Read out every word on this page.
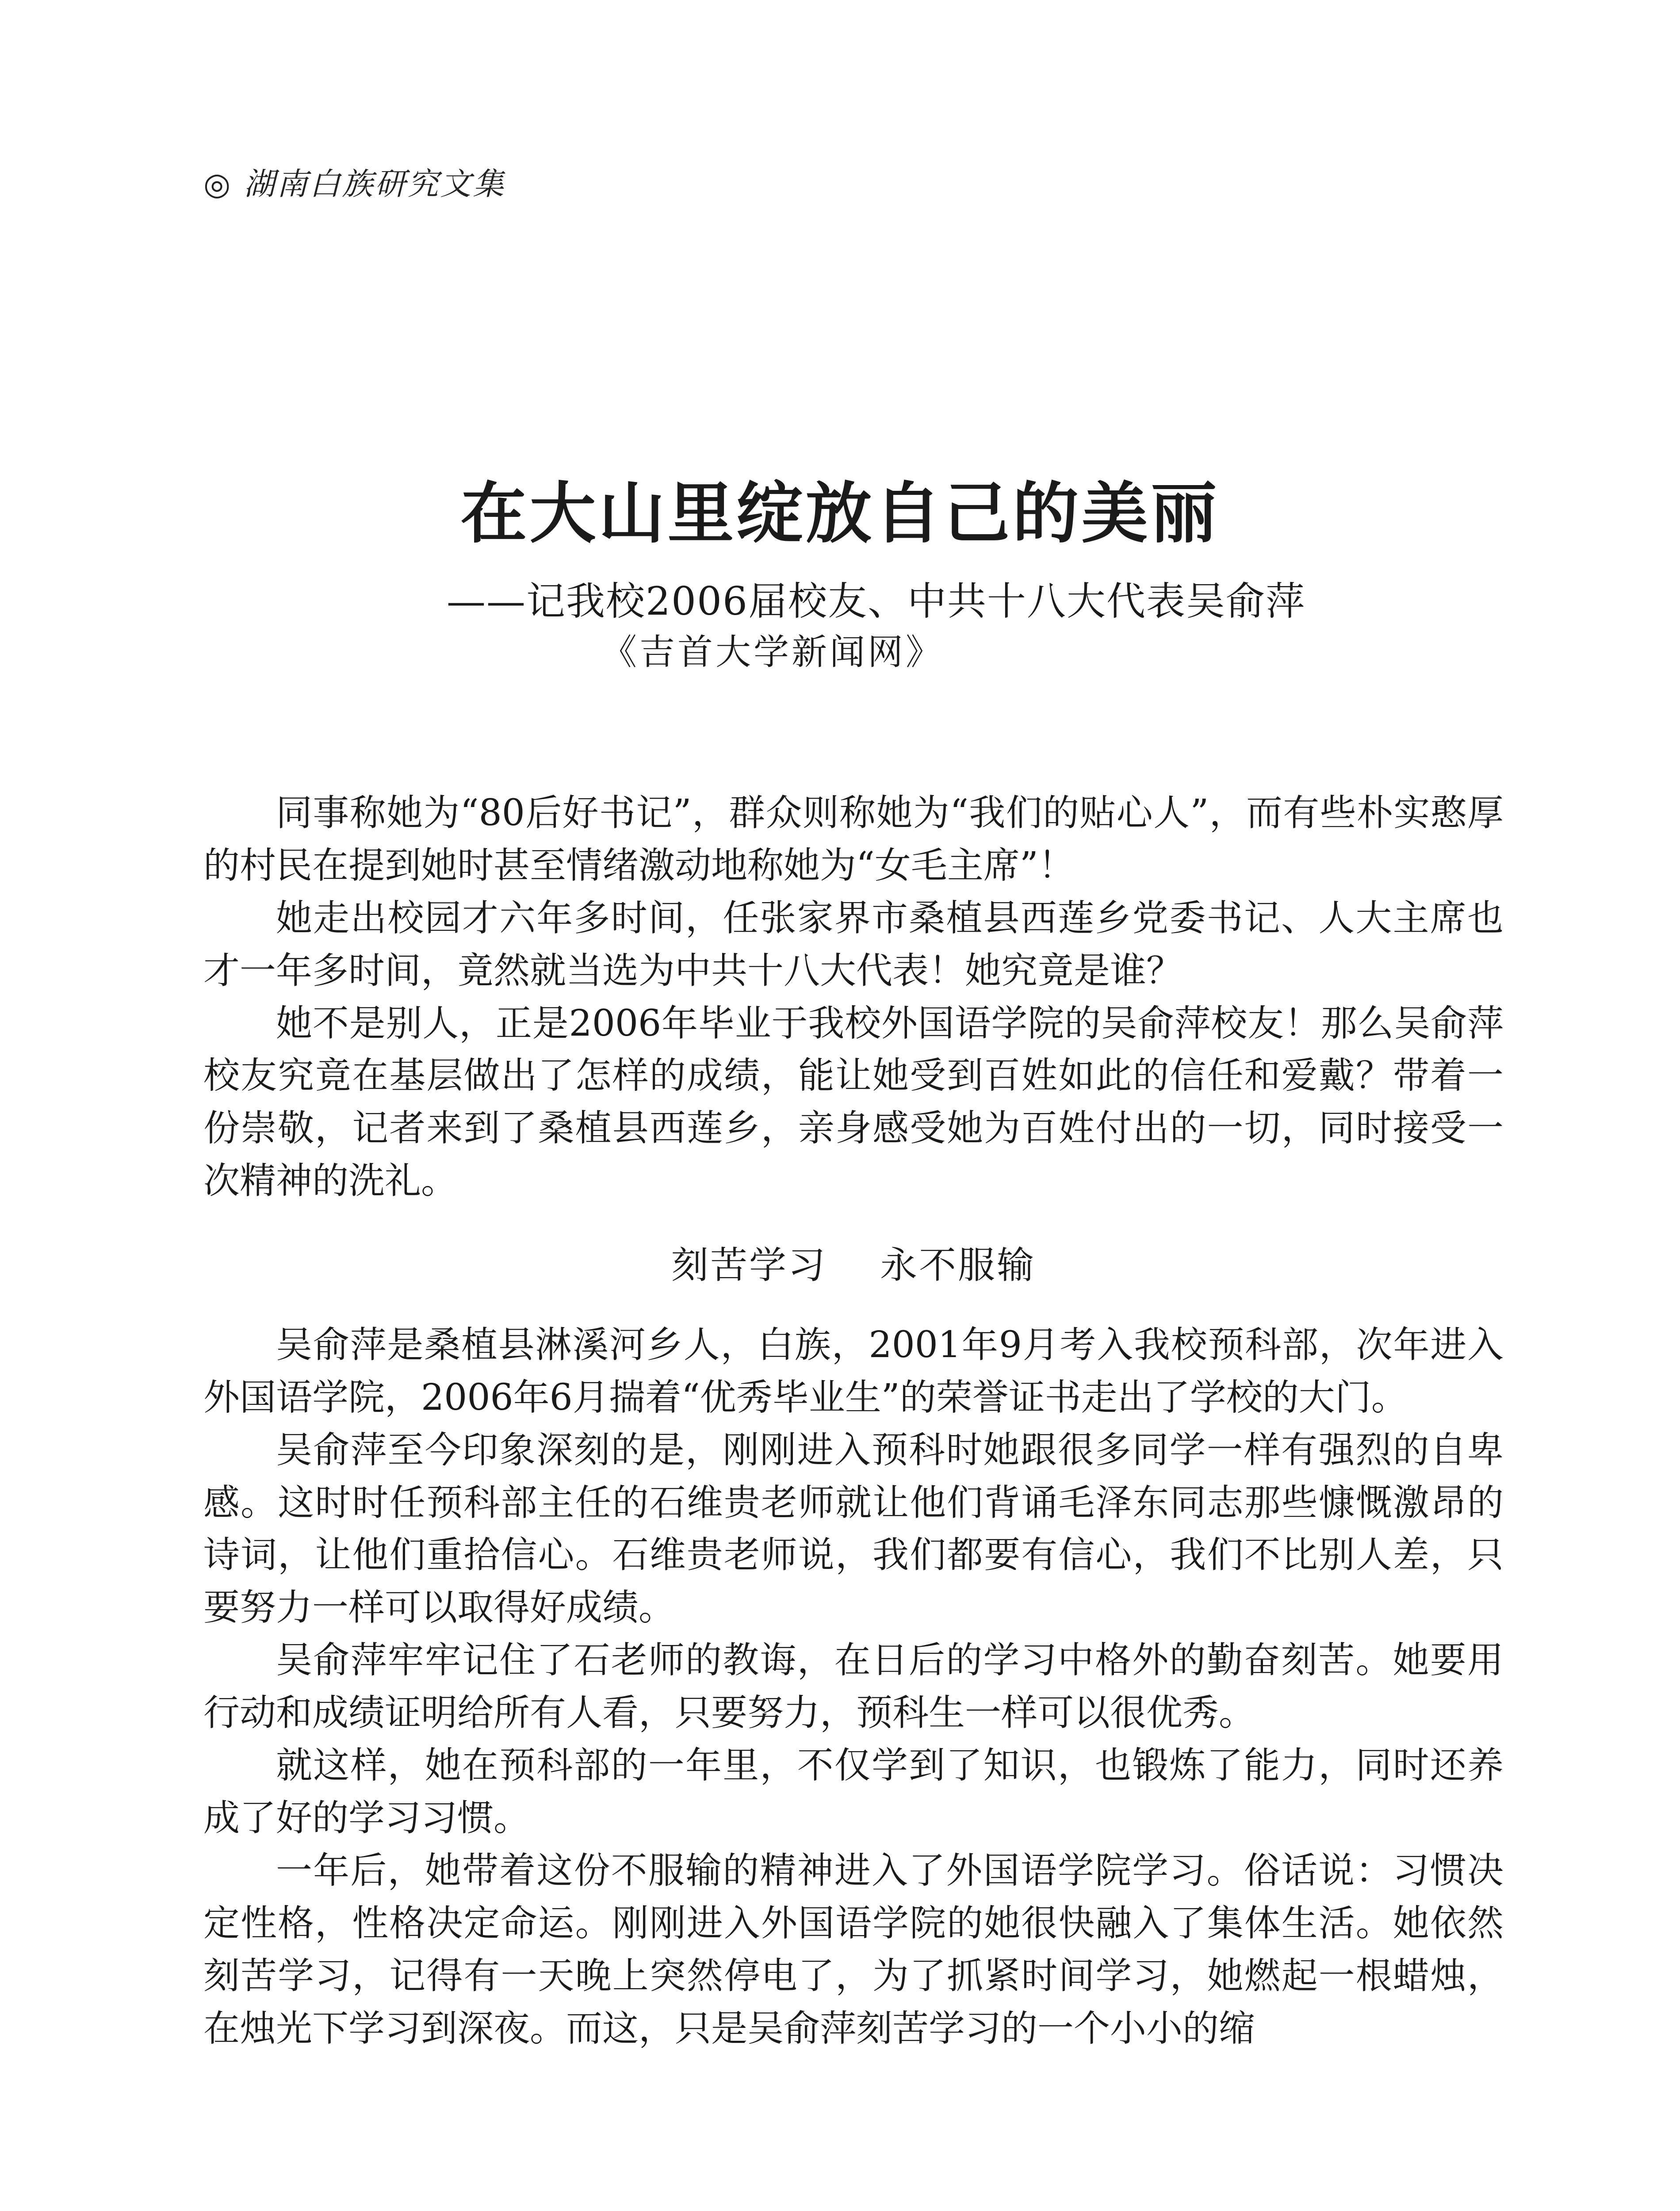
◎ 湖南白族研究文集
在大山里绽放自己的美丽
——记我校2006届校友、中共十八大代表吴俞萍
《吉首大学新闻网》

同事称她为“80后好书记”，群众则称她为“我们的贴心人”，而有些朴实憨厚的村民在提到她时甚至情绪激动地称她为“女毛主席”！

她走出校园才六年多时间，任张家界市桑植县西莲乡党委书记、人大主席也才一年多时间，竟然就当选为中共十八大代表！她究竟是谁？

她不是别人，正是2006年毕业于我校外国语学院的吴俞萍校友！那么吴俞萍校友究竟在基层做出了怎样的成绩，能让她受到百姓如此的信任和爱戴？带着一份崇敬，记者来到了桑植县西莲乡，亲身感受她为百姓付出的一切，同时接受一次精神的洗礼。

刻苦学习 永不服输

吴俞萍是桑植县淋溪河乡人，白族，2001年9月考入我校预科部，次年进入外国语学院，2006年6月揣着“优秀毕业生”的荣誉证书走出了学校的大门。

吴俞萍至今印象深刻的是，刚刚进入预科时她跟很多同学一样有强烈的自卑感。这时时任预科部主任的石维贵老师就让他们背诵毛泽东同志那些慷慨激昂的诗词，让他们重拾信心。石维贵老师说，我们都要有信心，我们不比别人差，只要努力一样可以取得好成绩。

吴俞萍牢牢记住了石老师的教诲，在日后的学习中格外的勤奋刻苦。她要用行动和成绩证明给所有人看，只要努力，预科生一样可以很优秀。

就这样，她在预科部的一年里，不仅学到了知识，也锻炼了能力，同时还养成了好的学习习惯。

一年后，她带着这份不服输的精神进入了外国语学院学习。俗话说：习惯决定性格，性格决定命运。刚刚进入外国语学院的她很快融入了集体生活。她依然刻苦学习，记得有一天晚上突然停电了，为了抓紧时间学习，她燃起一根蜡烛，在烛光下学习到深夜。而这，只是吴俞萍刻苦学习的一个小小的缩
